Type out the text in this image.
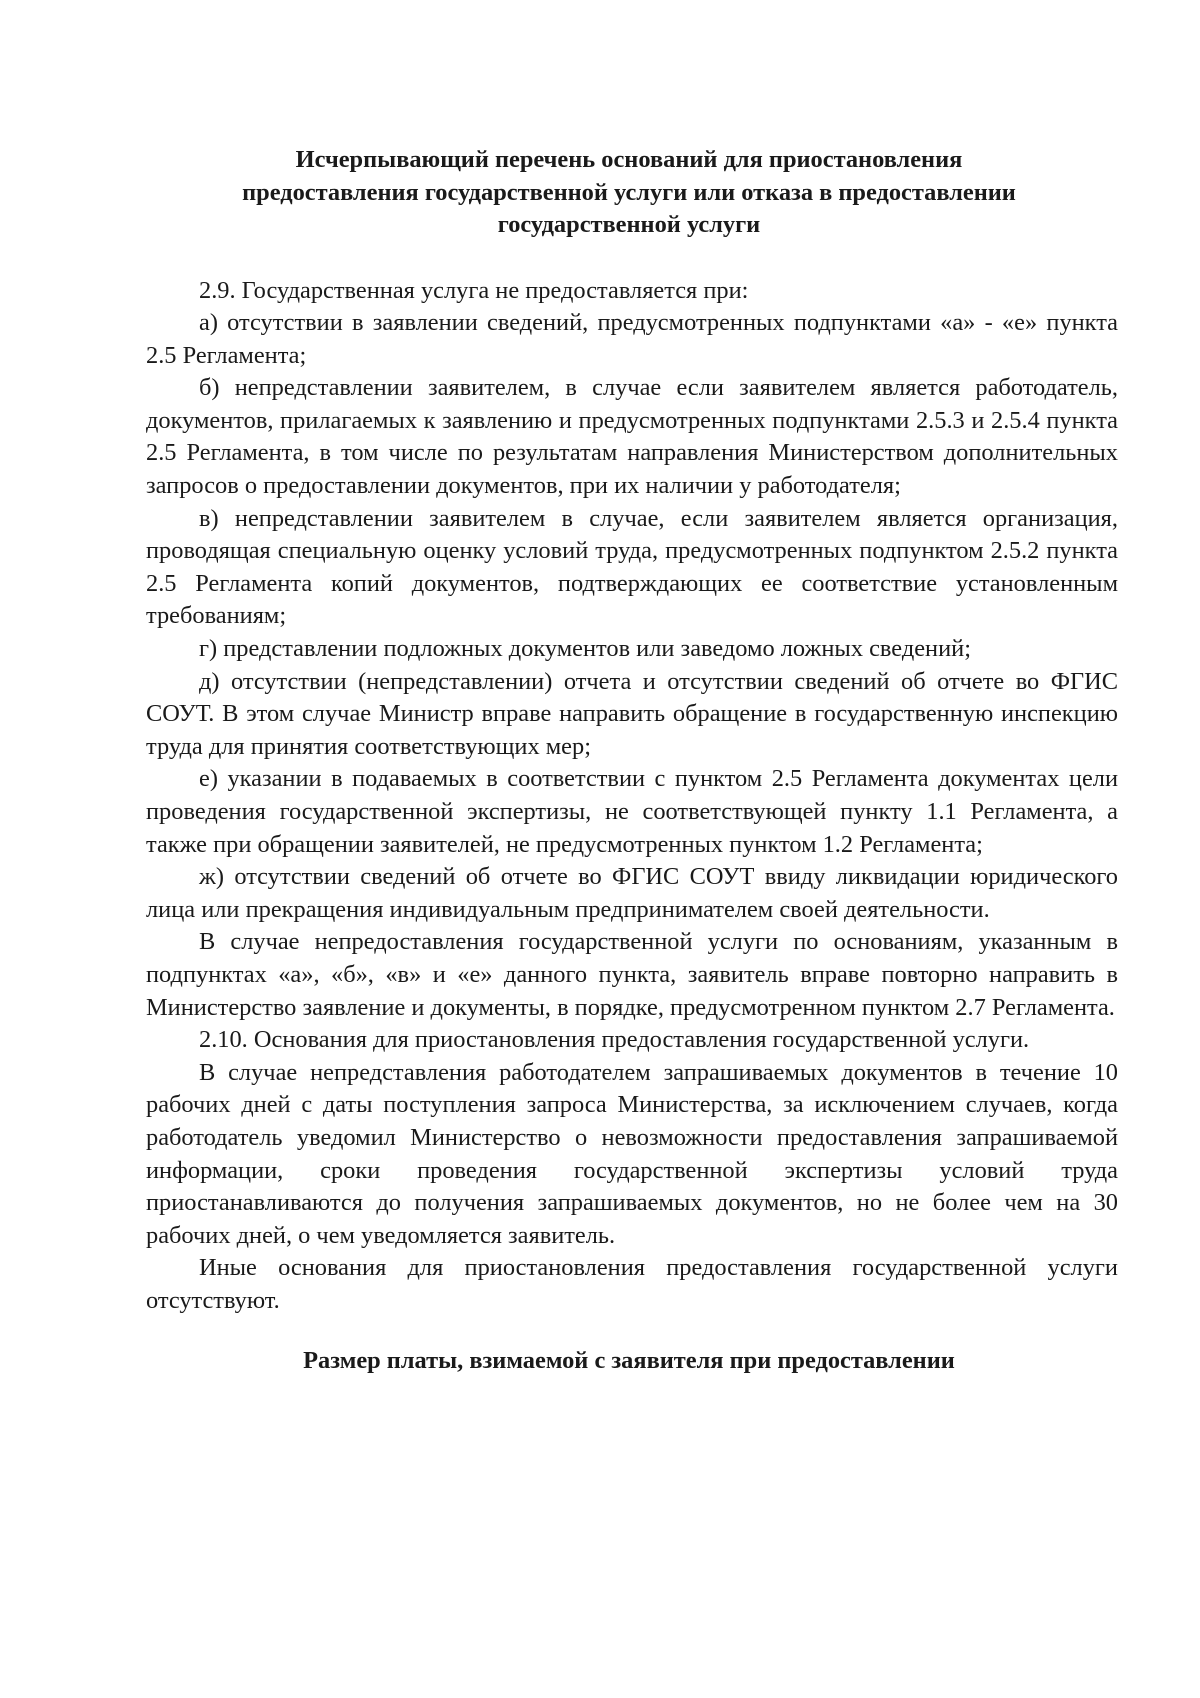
Исчерпывающий перечень оснований для приостановления
предоставления государственной услуги или отказа в предоставлении
государственной услуги

2.9. Государственная услуга не предоставляется при:

а) отсутствии в заявлении сведений, предусмотренных подпунктами «а» - «е» пункта 2.5 Регламента;

б) непредставлении заявителем, в случае если заявителем является работодатель, документов, прилагаемых к заявлению и предусмотренных подпунктами 2.5.3 и 2.5.4 пункта 2.5 Регламента, в том числе по результатам направления Министерством дополнительных запросов о предоставлении документов, при их наличии у работодателя;

в) непредставлении заявителем в случае, если заявителем является организация, проводящая специальную оценку условий труда, предусмотренных подпунктом 2.5.2 пункта 2.5 Регламента копий документов, подтверждающих ее соответствие установленным требованиям;

г) представлении подложных документов или заведомо ложных сведений;

д) отсутствии (непредставлении) отчета и отсутствии сведений об отчете во ФГИС СОУТ. В этом случае Министр вправе направить обращение в государственную инспекцию труда для принятия соответствующих мер;

е) указании в подаваемых в соответствии с пунктом 2.5 Регламента документах цели проведения государственной экспертизы, не соответствующей пункту 1.1 Регламента, а также при обращении заявителей, не предусмотренных пунктом 1.2 Регламента;

ж) отсутствии сведений об отчете во ФГИС СОУТ ввиду ликвидации юридического лица или прекращения индивидуальным предпринимателем своей деятельности.

В случае непредоставления государственной услуги по основаниям, указанным в подпунктах «а», «б», «в» и «е» данного пункта, заявитель вправе повторно направить в Министерство заявление и документы, в порядке, предусмотренном пунктом 2.7 Регламента.

2.10. Основания для приостановления предоставления государственной услуги.

В случае непредставления работодателем запрашиваемых документов в течение 10 рабочих дней с даты поступления запроса Министерства, за исключением случаев, когда работодатель уведомил Министерство о невозможности предоставления запрашиваемой информации, сроки проведения государственной экспертизы условий труда приостанавливаются до получения запрашиваемых документов, но не более чем на 30 рабочих дней, о чем уведомляется заявитель.

Иные основания для приостановления предоставления государственной услуги отсутствуют.

Размер платы, взимаемой с заявителя при предоставлении
